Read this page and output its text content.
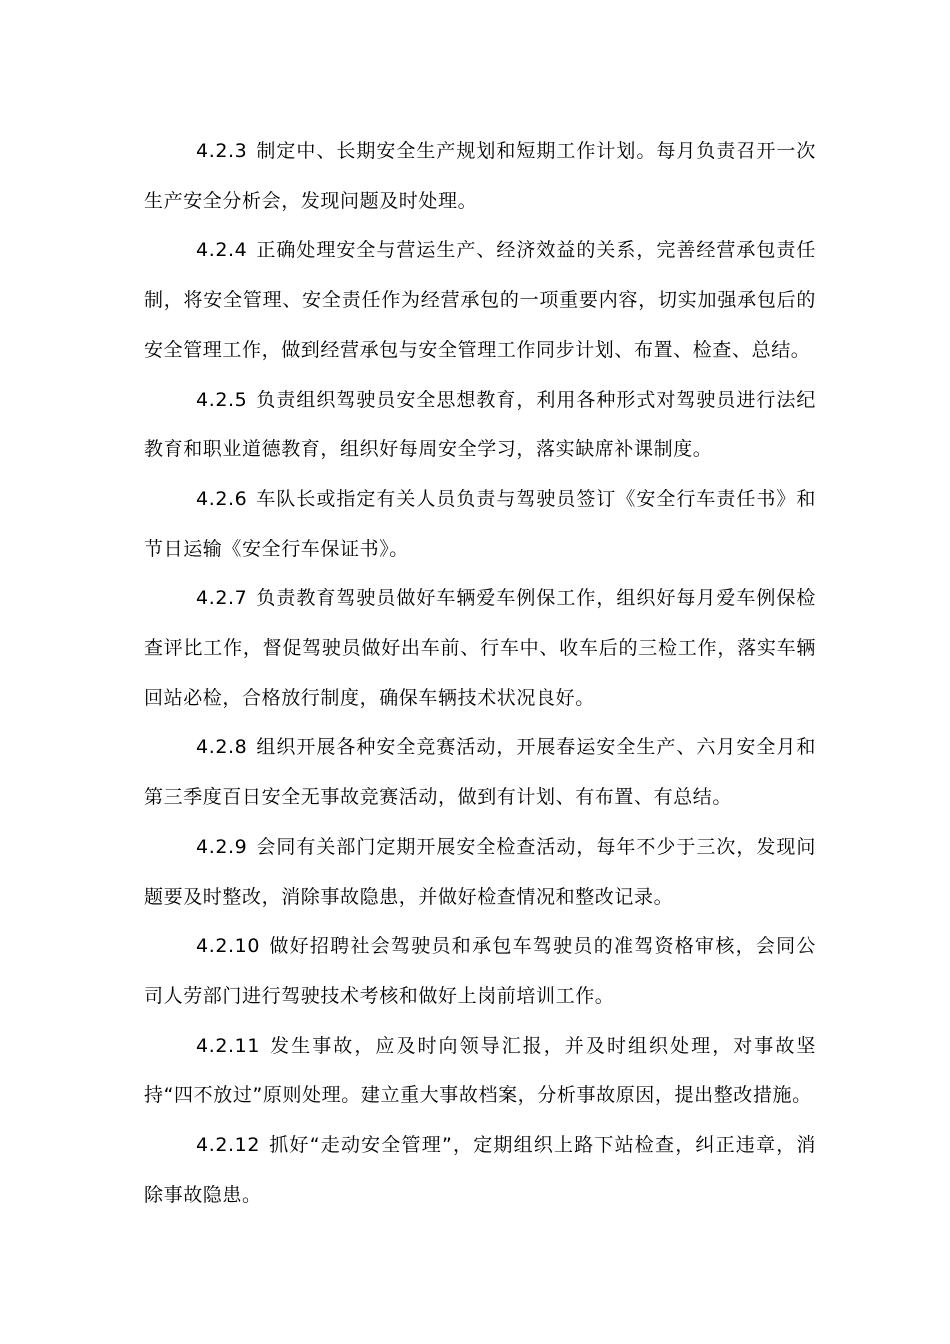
4.2.3 制定中、长期安全生产规划和短期工作计划。每月负责召开一次生产安全分析会，发现问题及时处理。

4.2.4 正确处理安全与营运生产、经济效益的关系，完善经营承包责任制，将安全管理、安全责任作为经营承包的一项重要内容，切实加强承包后的安全管理工作，做到经营承包与安全管理工作同步计划、布置、检查、总结。

4.2.5 负责组织驾驶员安全思想教育，利用各种形式对驾驶员进行法纪教育和职业道德教育，组织好每周安全学习，落实缺席补课制度。

4.2.6 车队长或指定有关人员负责与驾驶员签订《安全行车责任书》和节日运输《安全行车保证书》。

4.2.7 负责教育驾驶员做好车辆爱车例保工作，组织好每月爱车例保检查评比工作，督促驾驶员做好出车前、行车中、收车后的三检工作，落实车辆回站必检，合格放行制度，确保车辆技术状况良好。

4.2.8 组织开展各种安全竞赛活动，开展春运安全生产、六月安全月和第三季度百日安全无事故竞赛活动，做到有计划、有布置、有总结。

4.2.9 会同有关部门定期开展安全检查活动，每年不少于三次，发现问题要及时整改，消除事故隐患，并做好检查情况和整改记录。

4.2.10 做好招聘社会驾驶员和承包车驾驶员的准驾资格审核，会同公司人劳部门进行驾驶技术考核和做好上岗前培训工作。

4.2.11 发生事故，应及时向领导汇报，并及时组织处理，对事故坚持“四不放过”原则处理。建立重大事故档案，分析事故原因，提出整改措施。

4.2.12 抓好“走动安全管理”，定期组织上路下站检查，纠正违章，消除事故隐患。
